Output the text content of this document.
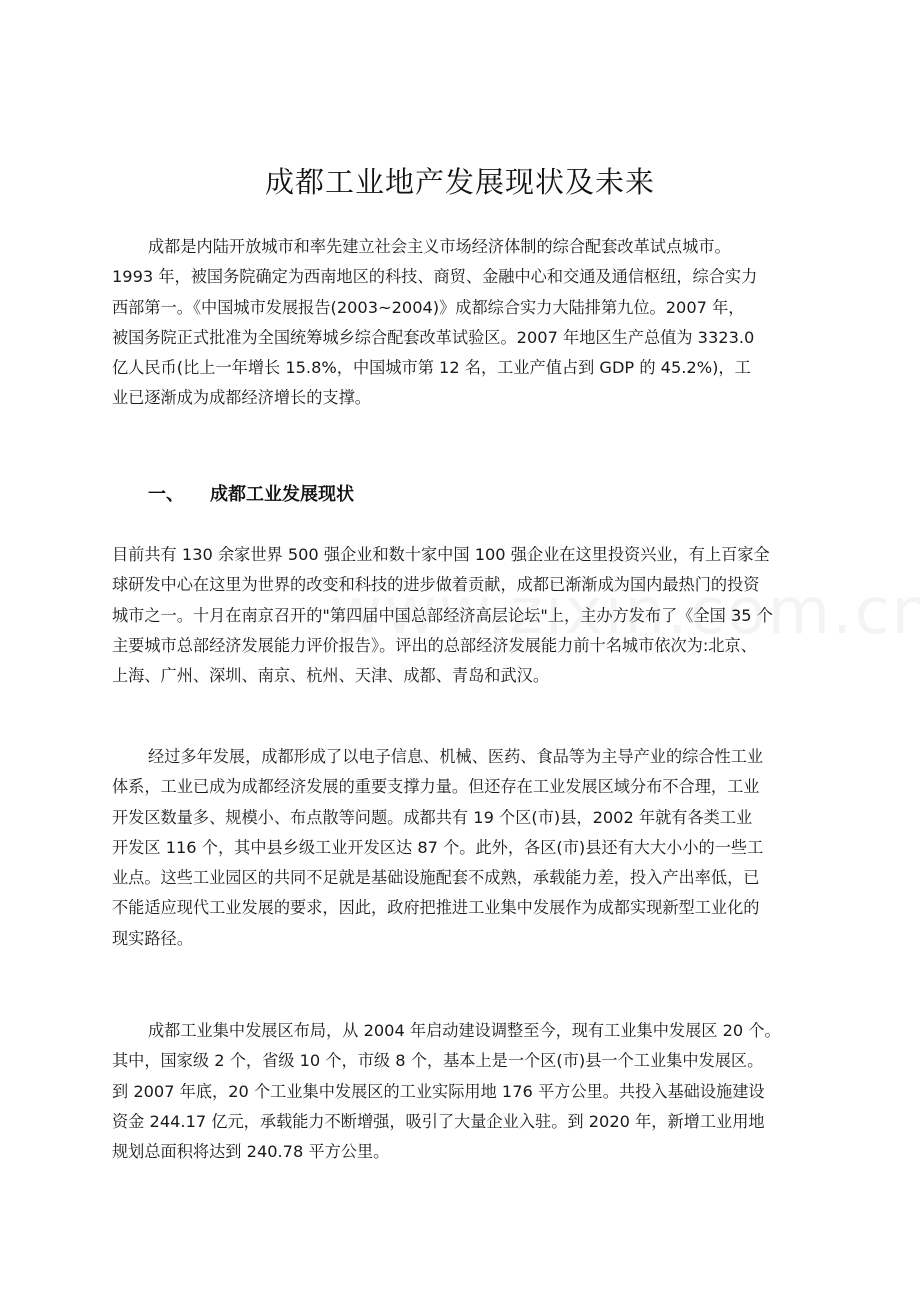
成都工业地产发展现状及未来

成都是内陆开放城市和率先建立社会主义市场经济体制的综合配套改革试点城市。
1993 年，被国务院确定为西南地区的科技、商贸、金融中心和交通及通信枢纽，综合实力
西部第一。《中国城市发展报告(2003~2004)》成都综合实力大陆排第九位。2007 年，
被国务院正式批准为全国统筹城乡综合配套改革试验区。2007 年地区生产总值为 3323.0
亿人民币(比上一年增长 15.8%，中国城市第 12 名，工业产值占到 GDP 的 45.2%)，工
业已逐渐成为成都经济增长的支撑。

一、 成都工业发展现状

目前共有 130 余家世界 500 强企业和数十家中国 100 强企业在这里投资兴业，有上百家全
球研发中心在这里为世界的改变和科技的进步做着贡献，成都已渐渐成为国内最热门的投资
城市之一。十月在南京召开的"第四届中国总部经济高层论坛"上，主办方发布了《全国 35 个
主要城市总部经济发展能力评价报告》。评出的总部经济发展能力前十名城市依次为:北京、
上海、广州、深圳、南京、杭州、天津、成都、青岛和武汉。

经过多年发展，成都形成了以电子信息、机械、医药、食品等为主导产业的综合性工业
体系，工业已成为成都经济发展的重要支撑力量。但还存在工业发展区域分布不合理，工业
开发区数量多、规模小、布点散等问题。成都共有 19 个区(市)县，2002 年就有各类工业
开发区 116 个，其中县乡级工业开发区达 87 个。此外，各区(市)县还有大大小小的一些工
业点。这些工业园区的共同不足就是基础设施配套不成熟，承载能力差，投入产出率低，已
不能适应现代工业发展的要求，因此，政府把推进工业集中发展作为成都实现新型工业化的
现实路径。

成都工业集中发展区布局，从 2004 年启动建设调整至今，现有工业集中发展区 20 个。
其中，国家级 2 个，省级 10 个，市级 8 个，基本上是一个区(市)县一个工业集中发展区。
到 2007 年底，20 个工业集中发展区的工业实际用地 176 平方公里。共投入基础设施建设
资金 244.17 亿元，承载能力不断增强，吸引了大量企业入驻。到 2020 年，新增工业用地
规划总面积将达到 240.78 平方公里。
